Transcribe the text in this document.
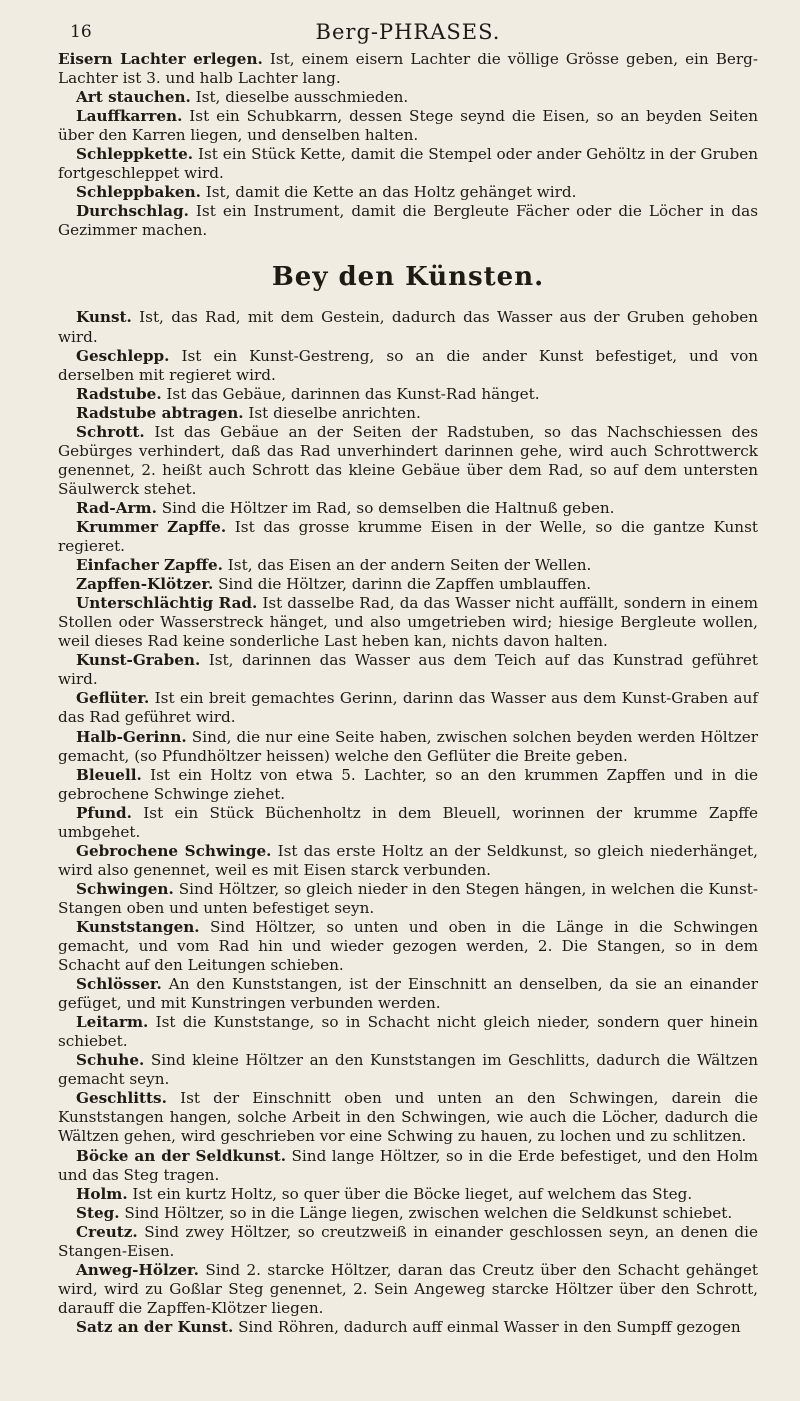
16	Berg-PHRASES.

Eisern Lachter erlegen. Ist, einem eisern Lachter die völlige Grösse geben, ein Berg-Lachter ist 3. und halb Lachter lang.

Art stauchen. Ist, dieselbe ausschmieden.

Lauffkarren. Ist ein Schubkarrn, dessen Stege seynd die Eisen, so an beyden Seiten über den Karren liegen, und denselben halten.

Schleppkette. Ist ein Stück Kette, damit die Stempel oder ander Gehöltz in der Gruben fortgeschleppet wird.

Schleppbaken. Ist, damit die Kette an das Holtz gehänget wird.

Durchschlag. Ist ein Instrument, damit die Bergleute Fächer oder die Löcher in das Gezimmer machen.

Bey den Künsten.

Kunst. Ist, das Rad, mit dem Gestein, dadurch das Wasser aus der Gruben gehoben wird.

Geschlepp. Ist ein Kunst-Gestreng, so an die ander Kunst befestiget, und von derselben mit regieret wird.

Radstube. Ist das Gebäue, darinnen das Kunst-Rad hänget.

Radstube abtragen. Ist dieselbe anrichten.

Schrott. Ist das Gebäue an der Seiten der Radstuben, so das Nachschiessen des Gebürges verhindert, daß das Rad unverhindert darinnen gehe, wird auch Schrottwerck genennet, 2. heißt auch Schrott das kleine Gebäue über dem Rad, so auf dem untersten Säulwerck stehet.

Rad-Arm. Sind die Höltzer im Rad, so demselben die Haltnuß geben.

Krummer Zapffe. Ist das grosse krumme Eisen in der Welle, so die gantze Kunst regieret.

Einfacher Zapffe. Ist, das Eisen an der andern Seiten der Wellen.

Zapffen-Klötzer. Sind die Höltzer, darinn die Zapffen umblauffen.

Unterschlächtig Rad. Ist dasselbe Rad, da das Wasser nicht auffällt, sondern in einem Stollen oder Wasserstreck hänget, und also umgetrieben wird; hiesige Bergleute wollen, weil dieses Rad keine sonderliche Last heben kan, nichts davon halten.

Kunst-Graben. Ist, darinnen das Wasser aus dem Teich auf das Kunstrad geführet wird.

Geflüter. Ist ein breit gemachtes Gerinn, darinn das Wasser aus dem Kunst-Graben auf das Rad geführet wird.

Halb-Gerinn. Sind, die nur eine Seite haben, zwischen solchen beyden werden Höltzer gemacht, (so Pfundhöltzer heissen) welche den Geflüter die Breite geben.

Bleuell. Ist ein Holtz von etwa 5. Lachter, so an den krummen Zapffen und in die gebrochene Schwinge ziehet.

Pfund. Ist ein Stück Büchenholtz in dem Bleuell, worinnen der krumme Zapffe umbgehet.

Gebrochene Schwinge. Ist das erste Holtz an der Seldkunst, so gleich niederhänget, wird also genennet, weil es mit Eisen starck verbunden.

Schwingen. Sind Höltzer, so gleich nieder in den Stegen hängen, in welchen die Kunst-Stangen oben und unten befestiget seyn.

Kunststangen. Sind Höltzer, so unten und oben in die Länge in die Schwingen gemacht, und vom Rad hin und wieder gezogen werden, 2. Die Stangen, so in dem Schacht auf den Leitungen schieben.

Schlösser. An den Kunststangen, ist der Einschnitt an denselben, da sie an einander gefüget, und mit Kunstringen verbunden werden.

Leitarm. Ist die Kunststange, so in Schacht nicht gleich nieder, sondern quer hinein schiebet.

Schuhe. Sind kleine Höltzer an den Kunststangen im Geschlitts, dadurch die Wältzen gemacht seyn.

Geschlitts. Ist der Einschnitt oben und unten an den Schwingen, darein die Kunststangen hangen, solche Arbeit in den Schwingen, wie auch die Löcher, dadurch die Wältzen gehen, wird geschrieben vor eine Schwing zu hauen, zu lochen und zu schlitzen.

Böcke an der Seldkunst. Sind lange Höltzer, so in die Erde befestiget, und den Holm und das Steg tragen.

Holm. Ist ein kurtz Holtz, so quer über die Böcke lieget, auf welchem das Steg.

Steg. Sind Höltzer, so in die Länge liegen, zwischen welchen die Seldkunst schiebet.

Creutz. Sind zwey Höltzer, so creutzweiß in einander geschlossen seyn, an denen die Stangen-Eisen.

Anweg-Hölzer. Sind 2. starcke Höltzer, daran das Creutz über den Schacht gehänget wird, wird zu Goßlar Steg genennet, 2. Sein Angeweg starcke Höltzer über den Schrott, darauff die Zapffen-Klötzer liegen.

Satz an der Kunst. Sind Röhren, dadurch auff einmal Wasser in den Sumpff gezogen
